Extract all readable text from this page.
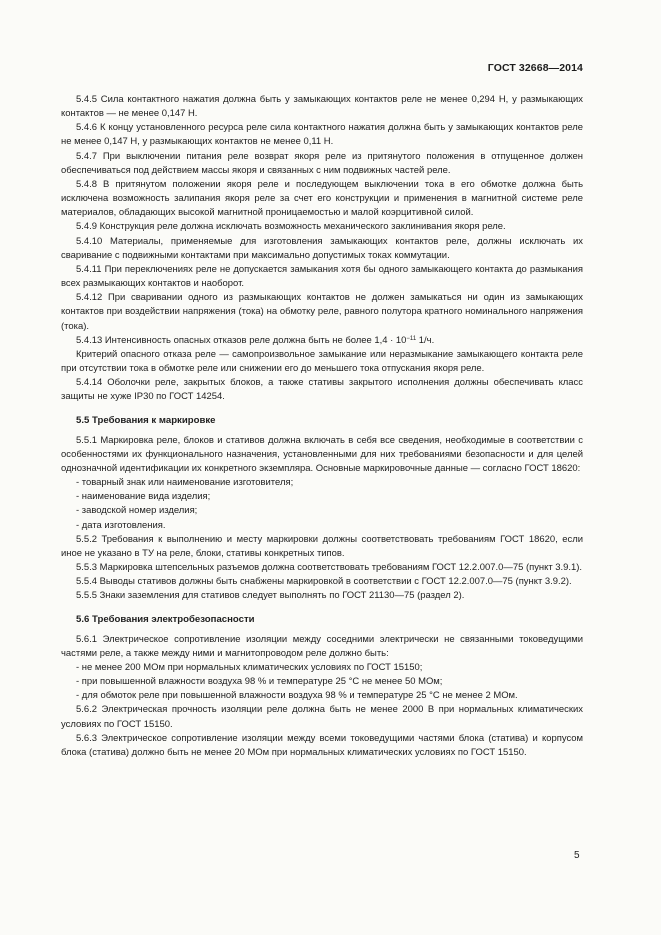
ГОСТ 32668—2014

5.4.5 Сила контактного нажатия должна быть у замыкающих контактов реле не менее 0,294 Н, у размыкающих контактов — не менее 0,147 Н.

5.4.6 К концу установленного ресурса реле сила контактного нажатия должна быть у замыкающих контактов реле не менее 0,147 Н, у размыкающих контактов не менее 0,11 Н.

5.4.7 При выключении питания реле возврат якоря реле из притянутого положения в отпущенное должен обеспечиваться под действием массы якоря и связанных с ним подвижных частей реле.

5.4.8 В притянутом положении якоря реле и последующем выключении тока в его обмотке должна быть исключена возможность залипания якоря реле за счет его конструкции и применения в магнитной системе реле материалов, обладающих высокой магнитной проницаемостью и малой коэрцитивной силой.

5.4.9 Конструкция реле должна исключать возможность механического заклинивания якоря реле.

5.4.10 Материалы, применяемые для изготовления замыкающих контактов реле, должны исключать их сваривание с подвижными контактами при максимально допустимых токах коммутации.

5.4.11 При переключениях реле не допускается замыкания хотя бы одного замыкающего контакта до размыкания всех размыкающих контактов и наоборот.

5.4.12 При сваривании одного из размыкающих контактов не должен замыкаться ни один из замыкающих контактов при воздействии напряжения (тока) на обмотку реле, равного полутора кратного номинального напряжения (тока).

5.4.13 Интенсивность опасных отказов реле должна быть не более $1,4 \cdot 10^{-11}$ 1/ч.

Критерий опасного отказа реле — самопроизвольное замыкание или неразмыкание замыкающего контакта реле при отсутствии тока в обмотке реле или снижении его до меньшего тока отпускания якоря реле.

5.4.14 Оболочки реле, закрытых блоков, а также стативы закрытого исполнения должны обеспечивать класс защиты не хуже IP30 по ГОСТ 14254.

5.5 Требования к маркировке

5.5.1 Маркировка реле, блоков и стативов должна включать в себя все сведения, необходимые в соответствии с особенностями их функционального назначения, установленными для них требованиями безопасности и для целей однозначной идентификации их конкретного экземпляра. Основные маркировочные данные — согласно ГОСТ 18620:

- товарный знак или наименование изготовителя;

- наименование вида изделия;

- заводской номер изделия;

- дата изготовления.

5.5.2 Требования к выполнению и месту маркировки должны соответствовать требованиям ГОСТ 18620, если иное не указано в ТУ на реле, блоки, стативы конкретных типов.

5.5.3 Маркировка штепсельных разъемов должна соответствовать требованиям ГОСТ 12.2.007.0—75 (пункт 3.9.1).

5.5.4 Выводы стативов должны быть снабжены маркировкой в соответствии с ГОСТ 12.2.007.0—75 (пункт 3.9.2).

5.5.5 Знаки заземления для стативов следует выполнять по ГОСТ 21130—75 (раздел 2).

5.6 Требования электробезопасности

5.6.1 Электрическое сопротивление изоляции между соседними электрически не связанными токоведущими частями реле, а также между ними и магнитопроводом реле должно быть:

- не менее 200 МОм при нормальных климатических условиях по ГОСТ 15150;

- при повышенной влажности воздуха 98 % и температуре 25 °С не менее 50 МОм;

- для обмоток реле при повышенной влажности воздуха 98 % и температуре 25 °С не менее 2 МОм.

5.6.2 Электрическая прочность изоляции реле должна быть не менее 2000 В при нормальных климатических условиях по ГОСТ 15150.

5.6.3 Электрическое сопротивление изоляции между всеми токоведущими частями блока (статива) и корпусом блока (статива) должно быть не менее 20 МОм при нормальных климатических условиях по ГОСТ 15150.

5
